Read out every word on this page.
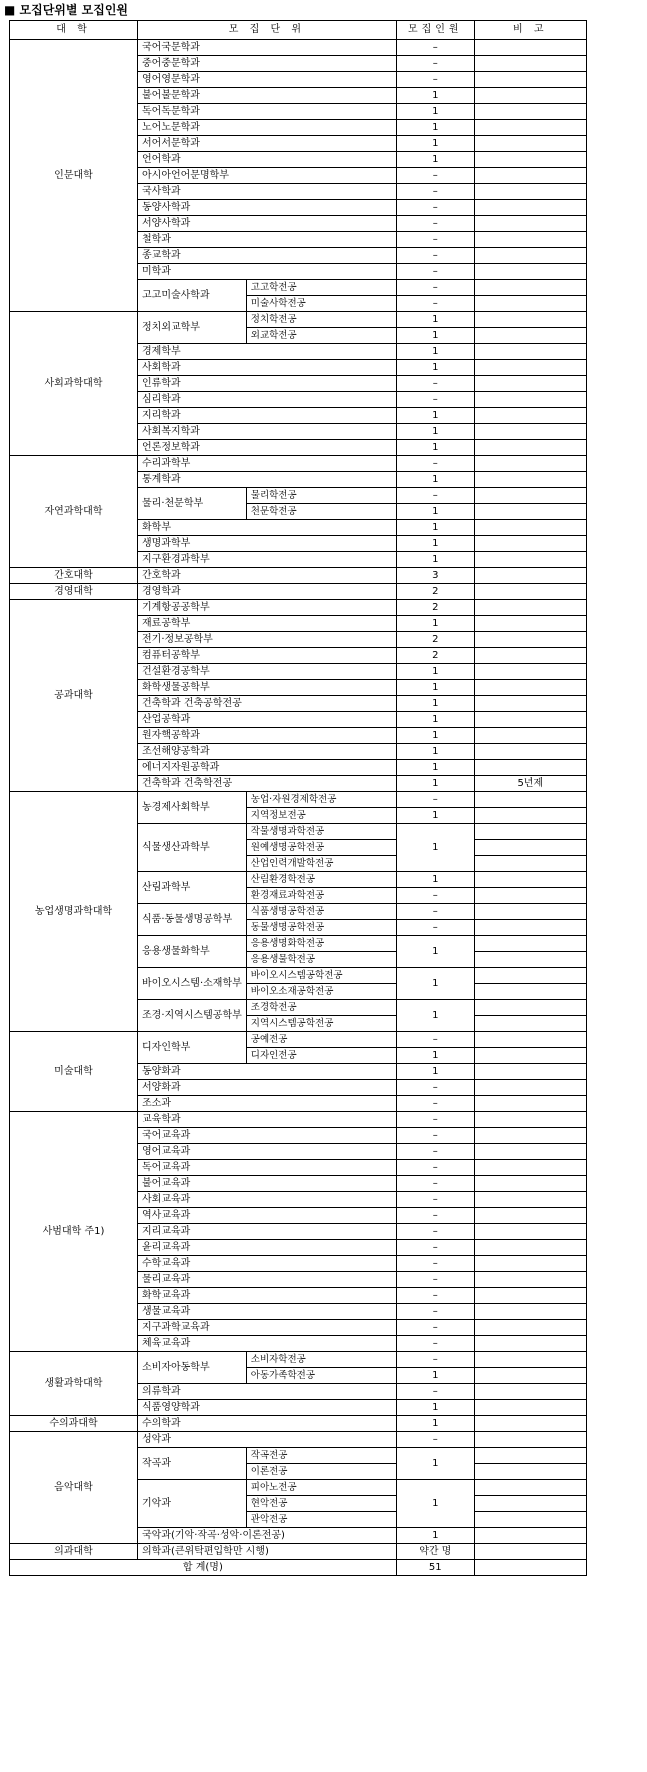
■ 모집단위별 모집인원
대 학	모 집 단 위		모집인원	비 고
인문대학	국어국문학과		–	
	중어중문학과		–	
	영어영문학과		–	
	불어불문학과		1	
	독어독문학과		1	
	노어노문학과		1	
	서어서문학과		1	
	언어학과		1	
	아시아언어문명학부		–	
	국사학과		–	
	동양사학과		–	
	서양사학과		–	
	철학과		–	
	종교학과		–	
	미학과		–	
	고고미술사학과	고고학전공	–	
		미술사학전공	–	
사회과학대학	정치외교학부	정치학전공	1	
		외교학전공	1	
	경제학부		1	
	사회학과		1	
	인류학과		–	
	심리학과		–	
	지리학과		1	
	사회복지학과		1	
	언론정보학과		1	
자연과학대학	수리과학부		–	
	통계학과		1	
	물리·천문학부	물리학전공	–	
		천문학전공	1	
	화학부		1	
	생명과학부		1	
	지구환경과학부		1	
간호대학	간호학과		3	
경영대학	경영학과		2	
공과대학	기계항공공학부		2	
	재료공학부		1	
	전기·정보공학부		2	
	컴퓨터공학부		2	
	건설환경공학부		1	
	화학생물공학부		1	
	건축학과 건축공학전공		1	
	산업공학과		1	
	원자핵공학과		1	
	조선해양공학과		1	
	에너지자원공학과		1	
	건축학과 건축학전공		1	5년제
농업생명과학대학	농경제사회학부	농업·자원경제학전공	–	
		지역정보전공	1	
	식물생산과학부	작물생명과학전공	1	
		원예생명공학전공		
		산업인력개발학전공		
	산림과학부	산림환경학전공	1	
		환경재료과학전공	–	
	식품·동물생명공학부	식품생명공학전공	–	
		동물생명공학전공	–	
	응용생물화학부	응용생명화학전공	1	
		응용생물학전공		
	바이오시스템·소재학부	바이오시스템공학전공	1	
		바이오소재공학전공		
	조경·지역시스템공학부	조경학전공	1	
		지역시스템공학전공		
미술대학	디자인학부	공예전공	–	
		디자인전공	1	
	동양화과		1	
	서양화과		–	
	조소과		–	
사범대학 주1)	교육학과		–	
	국어교육과		–	
	영어교육과		–	
	독어교육과		–	
	불어교육과		–	
	사회교육과		–	
	역사교육과		–	
	지리교육과		–	
	윤리교육과		–	
	수학교육과		–	
	물리교육과		–	
	화학교육과		–	
	생물교육과		–	
	지구과학교육과		–	
	체육교육과		–	
생활과학대학	소비자아동학부	소비자학전공	–	
		아동가족학전공	1	
	의류학과		–	
	식품영양학과		1	
수의과대학	수의학과		1	
음악대학	성악과		–	
	작곡과	작곡전공	1	
		이론전공		
	기악과	피아노전공	1	
		현악전공		
		관악전공		
	국악과(기악·작곡·성악·이론전공)		1	
의과대학	의학과(큰위탁편입학만 시행)		약간 명	
합 계(명)			51	
